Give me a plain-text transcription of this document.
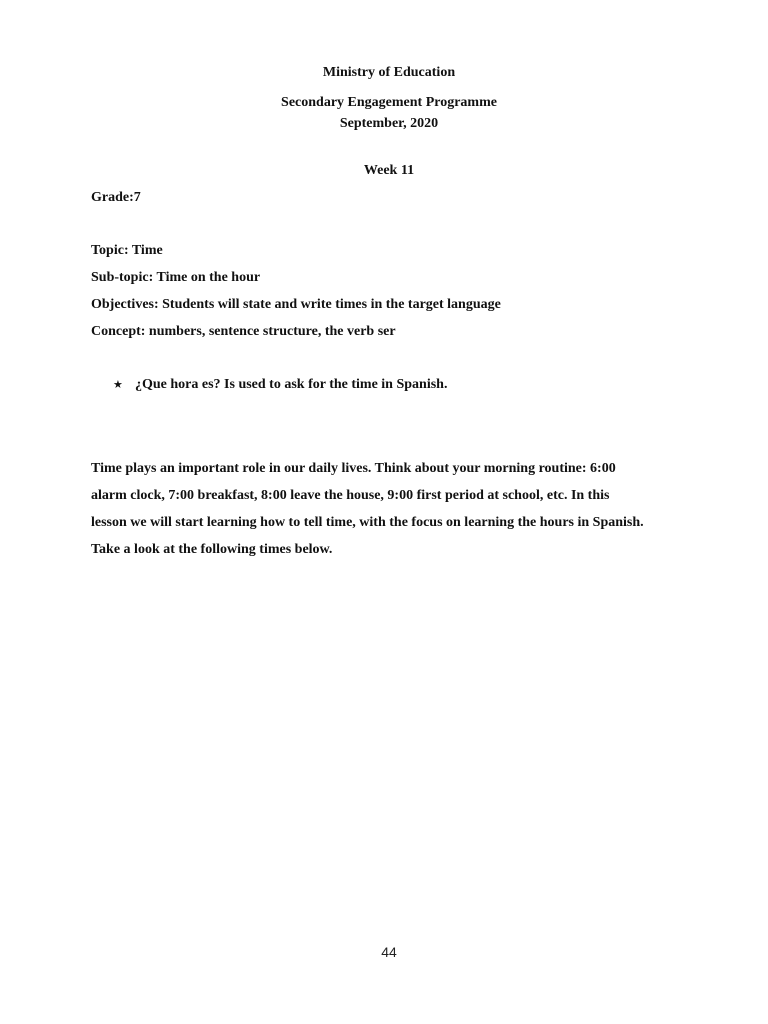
Ministry of Education
Secondary Engagement Programme
September, 2020
Week 11
Grade:7
Topic: Time
Sub-topic: Time on the hour
Objectives: Students will state and write times in the target language
Concept: numbers, sentence structure, the verb ser
★ ¿Que hora es? Is used to ask for the time in Spanish.
Time plays an important role in our daily lives. Think about your morning routine: 6:00
alarm clock, 7:00 breakfast, 8:00 leave the house, 9:00 first period at school, etc. In this
lesson we will start learning how to tell time, with the focus on learning the hours in Spanish.
Take a look at the following times below.
44
